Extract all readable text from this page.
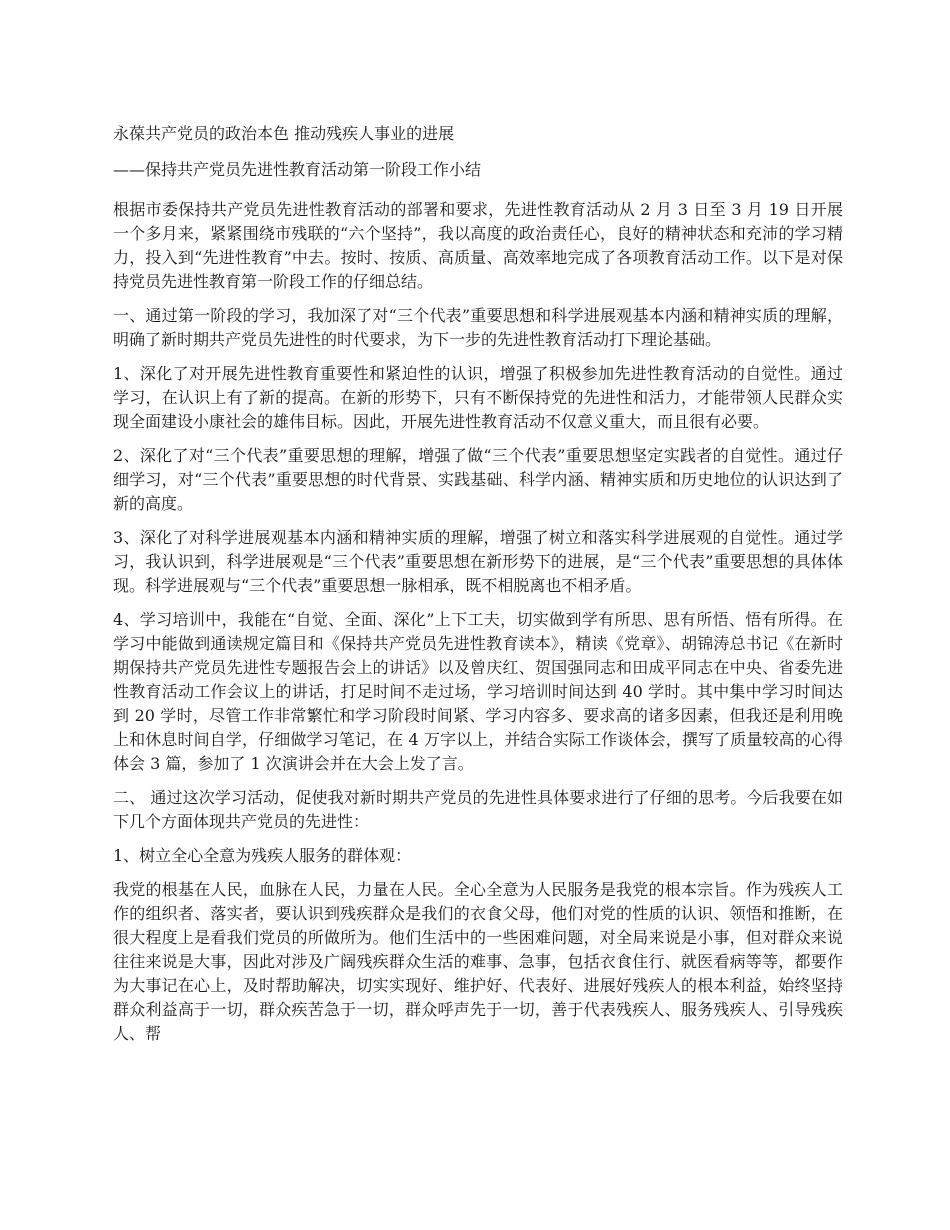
永葆共产党员的政治本色 推动残疾人事业的进展

——保持共产党员先进性教育活动第一阶段工作小结

根据市委保持共产党员先进性教育活动的部署和要求，先进性教育活动从 2 月 3 日至 3 月 19 日开展一个多月来，紧紧围绕市残联的“六个坚持”，我以高度的政治责任心，良好的精神状态和充沛的学习精力，投入到“先进性教育”中去。按时、按质、高质量、高效率地完成了各项教育活动工作。以下是对保持党员先进性教育第一阶段工作的仔细总结。

一、通过第一阶段的学习，我加深了对“三个代表”重要思想和科学进展观基本内涵和精神实质的理解，明确了新时期共产党员先进性的时代要求，为下一步的先进性教育活动打下理论基础。

1、深化了对开展先进性教育重要性和紧迫性的认识，增强了积极参加先进性教育活动的自觉性。通过学习，在认识上有了新的提高。在新的形势下，只有不断保持党的先进性和活力，才能带领人民群众实现全面建设小康社会的雄伟目标。因此，开展先进性教育活动不仅意义重大，而且很有必要。

2、深化了对“三个代表”重要思想的理解，增强了做“三个代表”重要思想坚定实践者的自觉性。通过仔细学习，对“三个代表”重要思想的时代背景、实践基础、科学内涵、精神实质和历史地位的认识达到了新的高度。

3、深化了对科学进展观基本内涵和精神实质的理解，增强了树立和落实科学进展观的自觉性。通过学习，我认识到，科学进展观是“三个代表”重要思想在新形势下的进展，是“三个代表”重要思想的具体体现。科学进展观与“三个代表”重要思想一脉相承，既不相脱离也不相矛盾。

4、学习培训中，我能在“自觉、全面、深化”上下工夫，切实做到学有所思、思有所悟、悟有所得。在学习中能做到通读规定篇目和《保持共产党员先进性教育读本》，精读《党章》、胡锦涛总书记《在新时期保持共产党员先进性专题报告会上的讲话》以及曾庆红、贺国强同志和田成平同志在中央、省委先进性教育活动工作会议上的讲话，打足时间不走过场，学习培训时间达到 40 学时。其中集中学习时间达到 20 学时，尽管工作非常繁忙和学习阶段时间紧、学习内容多、要求高的诸多因素，但我还是利用晚上和休息时间自学，仔细做学习笔记，在 4 万字以上，并结合实际工作谈体会，撰写了质量较高的心得体会 3 篇，参加了 1 次演讲会并在大会上发了言。

二、 通过这次学习活动，促使我对新时期共产党员的先进性具体要求进行了仔细的思考。今后我要在如下几个方面体现共产党员的先进性：

1、树立全心全意为残疾人服务的群体观：

我党的根基在人民，血脉在人民，力量在人民。全心全意为人民服务是我党的根本宗旨。作为残疾人工作的组织者、落实者，要认识到残疾群众是我们的衣食父母，他们对党的性质的认识、领悟和推断，在很大程度上是看我们党员的所做所为。他们生活中的一些困难问题，对全局来说是小事，但对群众来说往往来说是大事，因此对涉及广阔残疾群众生活的难事、急事，包括衣食住行、就医看病等等，都要作为大事记在心上，及时帮助解决，切实实现好、维护好、代表好、进展好残疾人的根本利益，始终坚持群众利益高于一切，群众疾苦急于一切，群众呼声先于一切，善于代表残疾人、服务残疾人、引导残疾人、帮
